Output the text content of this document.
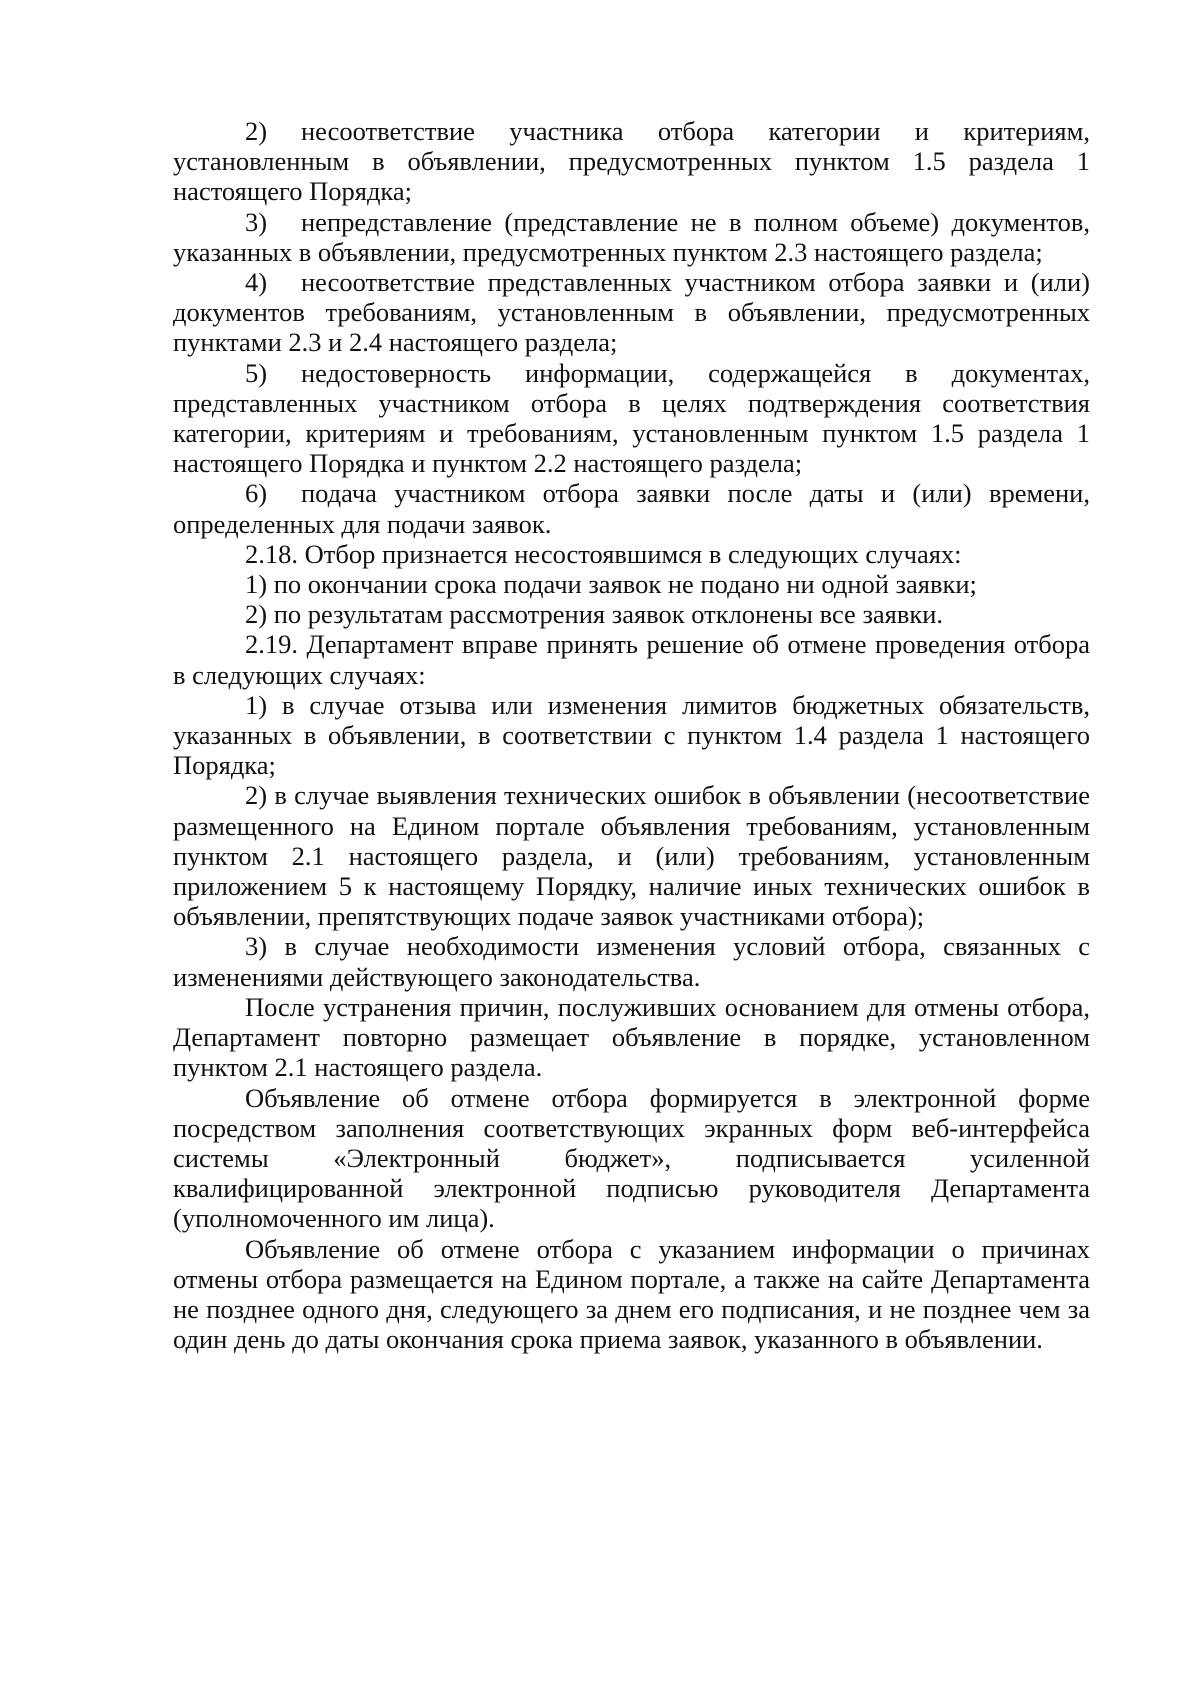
2) несоответствие участника отбора категории и критериям, установленным в объявлении, предусмотренных пунктом 1.5 раздела 1 настоящего Порядка;

3) непредставление (представление не в полном объеме) документов, указанных в объявлении, предусмотренных пунктом 2.3 настоящего раздела;

4) несоответствие представленных участником отбора заявки и (или) документов требованиям, установленным в объявлении, предусмотренных пунктами 2.3 и 2.4 настоящего раздела;

5) недостоверность информации, содержащейся в документах, представленных участником отбора в целях подтверждения соответствия категории, критериям и требованиям, установленным пунктом 1.5 раздела 1 настоящего Порядка и пунктом 2.2 настоящего раздела;

6) подача участником отбора заявки после даты и (или) времени, определенных для подачи заявок.

2.18. Отбор признается несостоявшимся в следующих случаях:

1) по окончании срока подачи заявок не подано ни одной заявки;

2) по результатам рассмотрения заявок отклонены все заявки.

2.19. Департамент вправе принять решение об отмене проведения отбора в следующих случаях:

1) в случае отзыва или изменения лимитов бюджетных обязательств, указанных в объявлении, в соответствии с пунктом 1.4 раздела 1 настоящего Порядка;

2) в случае выявления технических ошибок в объявлении (несоответствие размещенного на Едином портале объявления требованиям, установленным пунктом 2.1 настоящего раздела, и (или) требованиям, установленным приложением 5 к настоящему Порядку, наличие иных технических ошибок в объявлении, препятствующих подаче заявок участниками отбора);

3) в случае необходимости изменения условий отбора, связанных с изменениями действующего законодательства.

После устранения причин, послуживших основанием для отмены отбора, Департамент повторно размещает объявление в порядке, установленном пунктом 2.1 настоящего раздела.

Объявление об отмене отбора формируется в электронной форме посредством заполнения соответствующих экранных форм веб-интерфейса системы «Электронный бюджет», подписывается усиленной квалифицированной электронной подписью руководителя Департамента (уполномоченного им лица).

Объявление об отмене отбора с указанием информации о причинах отмены отбора размещается на Едином портале, а также на сайте Департамента не позднее одного дня, следующего за днем его подписания, и не позднее чем за один день до даты окончания срока приема заявок, указанного в объявлении.
